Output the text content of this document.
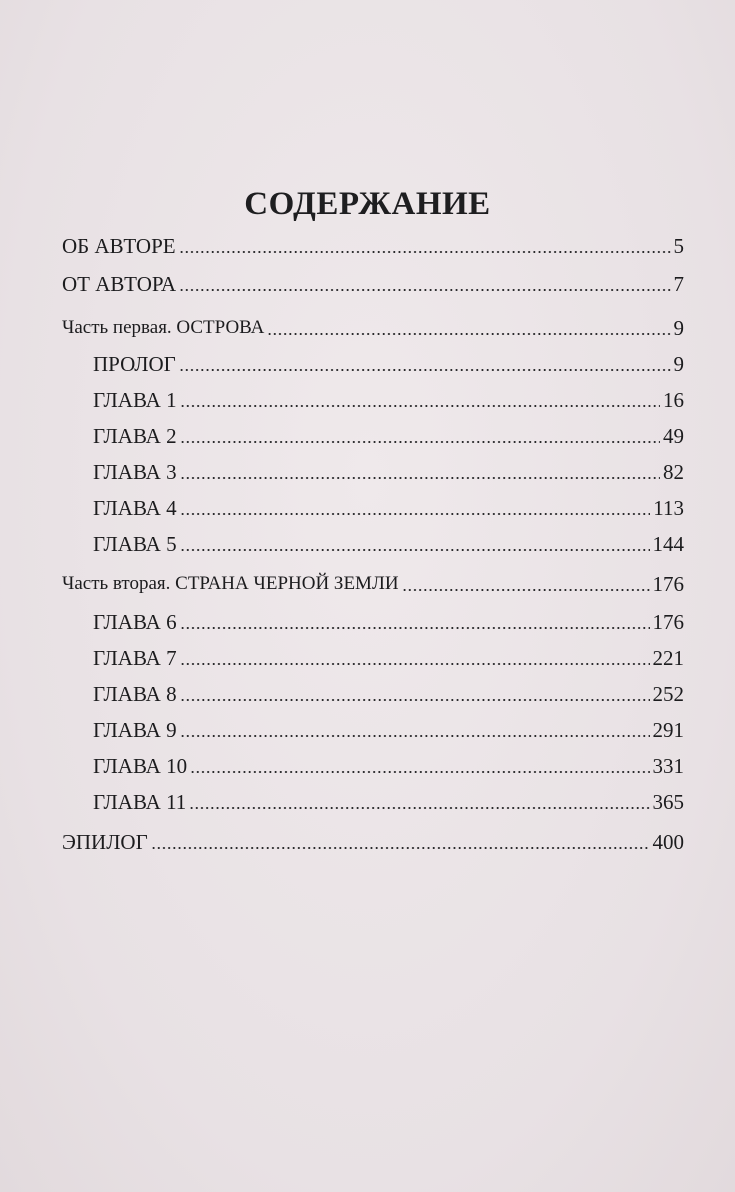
СОДЕРЖАНИЕ
ОБ АВТОРЕ	5
ОТ АВТОРА	7
Часть первая. ОСТРОВА	9
ПРОЛОГ	9
ГЛАВА 1	16
ГЛАВА 2	49
ГЛАВА 3	82
ГЛАВА 4	113
ГЛАВА 5	144
Часть вторая. СТРАНА ЧЕРНОЙ ЗЕМЛИ	176
ГЛАВА 6	176
ГЛАВА 7	221
ГЛАВА 8	252
ГЛАВА 9	291
ГЛАВА 10	331
ГЛАВА 11	365
ЭПИЛОГ	400
